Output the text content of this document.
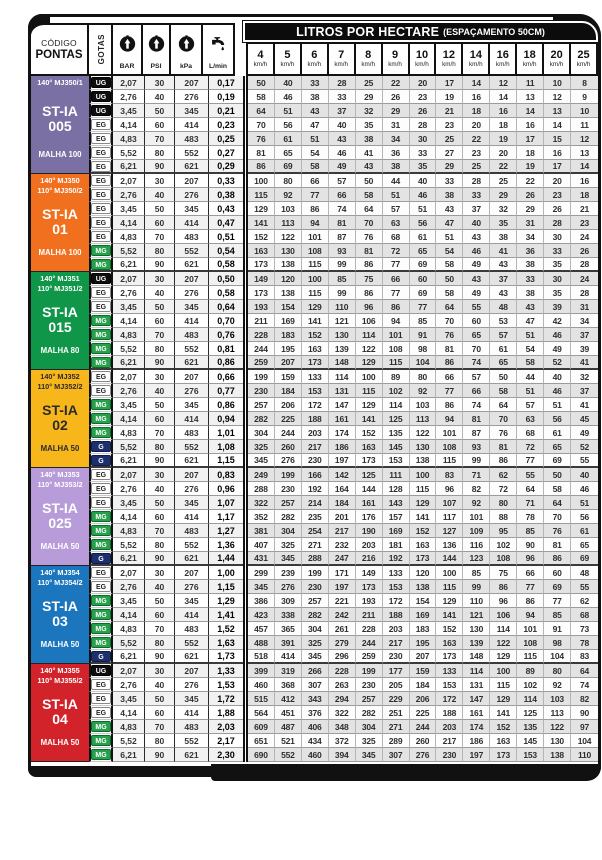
CÓDIGO
PONTAS GOTAS
BAR PSI	kPa L/min
LITROS POR HECTARE (ESPAÇAMENTO 50CM)
4
km/h
5
km/h
6
km/h
7
km/h
8
km/h
9
km/h
10
km/h
12
km/h
14
km/h
16
km/h
18
km/h
20
km/h
25
km/h
140° MJ350/1
ST-IA
005
MALHA 100
UG	2,07	30	207	0,17	50	40	33	28	25	22	20	17	14	12	11	10	8
UG	2,76	40	276	0,19	58	46	38	33	29	26	23	19	16	14	13	12	9
UG	3,45	50	345	0,21	64	51	43	37	32	29	26	21	18	16	14	13	10
EG	4,14	60	414	0,23	70	56	47	40	35	31	28	23	20	18	16	14	11
EG	4,83	70	483	0,25	76	61	51	43	38	34	30	25	22	19	17	15	12
EG	5,52	80	552	0,27	81	65	54	46	41	36	33	27	23	20	18	16	13
EG	6,21	90	621	0,29	86	69	58	49	43	38	35	29	25	22	19	17	14
140° MJ350
110° MJ350/2
ST-IA
01
MALHA 100
EG	2,07	30	207	0,33	100	80	66	57	50	44	40	33	28	25	22	20	16
EG	2,76	40	276	0,38	115	92	77	66	58	51	46	38	33	29	26	23	18
EG	3,45	50	345	0,43	129	103	86	74	64	57	51	43	37	32	29	26	21
EG	4,14	60	414	0,47	141	113	94	81	70	63	56	47	40	35	31	28	23
EG	4,83	70	483	0,51	152	122	101	87	76	68	61	51	43	38	34	30	24
MG	5,52	80	552	0,54	163	130	108	93	81	72	65	54	46	41	36	33	26
MG	6,21	90	621	0,58	173	138	115	99	86	77	69	58	49	43	38	35	28
140° MJ351
110° MJ351/2
ST-IA
015
MALHA 80
UG	2,07	30	207	0,50	149	120	100	85	75	66	60	50	43	37	33	30	24
EG	2,76	40	276	0,58	173	138	115	99	86	77	69	58	49	43	38	35	28
EG	3,45	50	345	0,64	193	154	129	110	96	86	77	64	55	48	43	39	31
MG	4,14	60	414	0,70	211	169	141	121	106	94	85	70	60	53	47	42	34
MG	4,83	70	483	0,76	228	183	152	130	114	101	91	76	65	57	51	46	37
MG	5,52	80	552	0,81	244	195	163	139	122	108	98	81	70	61	54	49	39
MG	6,21	90	621	0,86	259	207	173	148	129	115	104	86	74	65	58	52	41
140° MJ352
110° MJ352/2
ST-IA
02
MALHA 50
EG	2,07	30	207	0,66	199	159	133	114	100	89	80	66	57	50	44	40	32
EG	2,76	40	276	0,77	230	184	153	131	115	102	92	77	66	58	51	46	37
MG	3,45	50	345	0,86	257	206	172	147	129	114	103	86	74	64	57	51	41
MG	4,14	60	414	0,94	282	225	188	161	141	125	113	94	81	70	63	56	45
MG	4,83	70	483	1,01	304	244	203	174	152	135	122	101	87	76	68	61	49
G	5,52	80	552	1,08	325	260	217	186	163	145	130	108	93	81	72	65	52
G	6,21	90	621	1,15	345	276	230	197	173	153	138	115	99	86	77	69	55
140° MJ353
110° MJ353/2
ST-IA
025
MALHA 50
EG	2,07	30	207	0,83	249	199	166	142	125	111	100	83	71	62	55	50	40
EG	2,76	40	276	0,96	288	230	192	164	144	128	115	96	82	72	64	58	46
EG	3,45	50	345	1,07	322	257	214	184	161	143	129	107	92	80	71	64	51
MG	4,14	60	414	1,17	352	282	235	201	176	157	141	117	101	88	78	70	56
MG	4,83	70	483	1,27	381	304	254	217	190	169	152	127	109	95	85	76	61
MG	5,52	80	552	1,36	407	325	271	232	203	181	163	136	116	102	90	81	65
G	6,21	90	621	1,44	431	345	288	247	216	192	173	144	123	108	96	86	69
140° MJ354
110° MJ354/2
ST-IA
03
MALHA 50
EG	2,07	30	207	1,00	299	239	199	171	149	133	120	100	85	75	66	60	48
EG	2,76	40	276	1,15	345	276	230	197	173	153	138	115	99	86	77	69	55
MG	3,45	50	345	1,29	386	309	257	221	193	172	154	129	110	96	86	77	62
MG	4,14	60	414	1,41	423	338	282	242	211	188	169	141	121	106	94	85	68
MG	4,83	70	483	1,52	457	365	304	261	228	203	183	152	130	114	101	91	73
MG	5,52	80	552	1,63	488	391	325	279	244	217	195	163	139	122	108	98	78
G	6,21	90	621	1,73	518	414	345	296	259	230	207	173	148	129	115	104	83
140° MJ355
110° MJ355/2
ST-IA
04
MALHA 50
UG	2,07	30	207	1,33	399	319	266	228	199	177	159	133	114	100	89	80	64
EG	2,76	40	276	1,53	460	368	307	263	230	205	184	153	131	115	102	92	74
EG	3,45	50	345	1,72	515	412	343	294	257	229	206	172	147	129	114	103	82
EG	4,14	60	414	1,88	564	451	376	322	282	251	225	188	161	141	125	113	90
MG	4,83	70	483	2,03	609	487	406	348	304	271	244	203	174	152	135	122	97
MG	5,52	80	552	2,17	651	521	434	372	325	289	260	217	186	163	145	130	104
MG	6,21	90	621	2,30	690	552	460	394	345	307	276	230	197	173	153	138	110
